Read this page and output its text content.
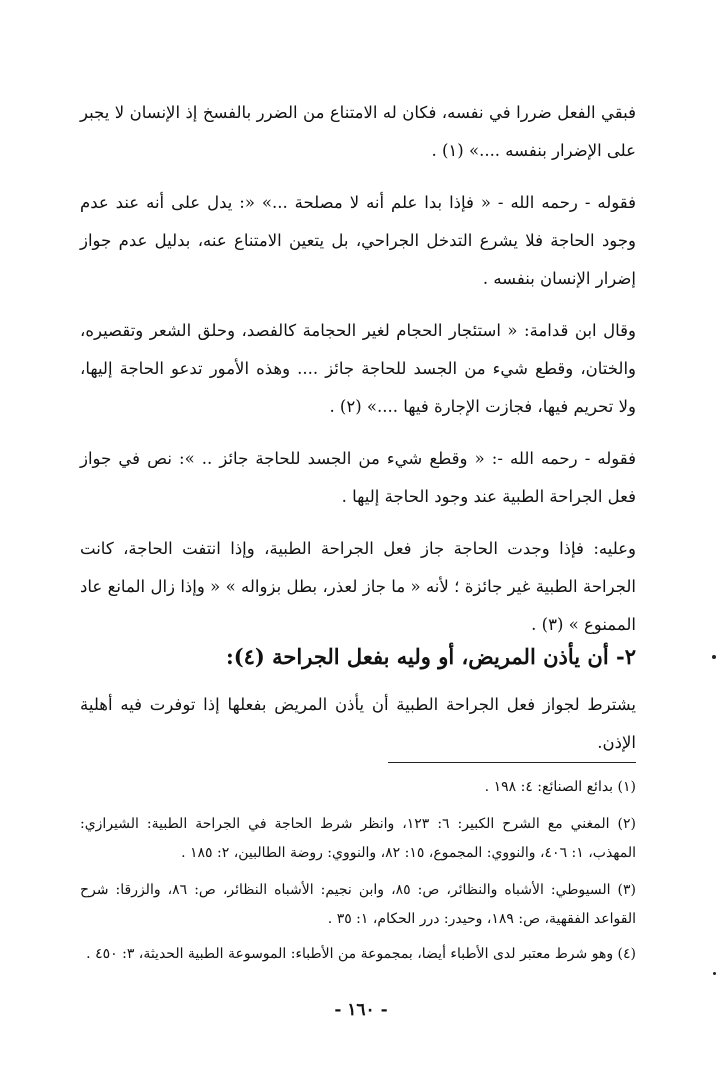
فبقي الفعل ضررا في نفسه، فكان له الامتناع من الضرر بالفسخ إذ الإنسان لا يجبر على الإضرار بنفسه ....» (١) .

فقوله - رحمه الله - « فإذا بدا علم أنه لا مصلحة ...» «: يدل على أنه عند عدم وجود الحاجة فلا يشرع التدخل الجراحي، بل يتعين الامتناع عنه، بدليل عدم جواز إضرار الإنسان بنفسه .

وقال ابن قدامة: « استئجار الحجام لغير الحجامة كالفصد، وحلق الشعر وتقصيره، والختان، وقطع شيء من الجسد للحاجة جائز .... وهذه الأمور تدعو الحاجة إليها، ولا تحريم فيها، فجازت الإجارة فيها ....» (٢) .

فقوله - رحمه الله -: « وقطع شيء من الجسد للحاجة جائز .. »: نص في جواز فعل الجراحة الطبية عند وجود الحاجة إليها .

وعليه: فإذا وجدت الحاجة جاز فعل الجراحة الطبية، وإذا انتفت الحاجة، كانت الجراحة الطبية غير جائزة ؛ لأنه « ما جاز لعذر، بطل بزواله » « وإذا زال المانع عاد الممنوع » (٣) .

٢- أن يأذن المريض، أو وليه بفعل الجراحة (٤):

يشترط لجواز فعل الجراحة الطبية أن يأذن المريض بفعلها إذا توفرت فيه أهلية الإذن.

(١) بدائع الصنائع: ٤: ١٩٨ .

(٢) المغني مع الشرح الكبير: ٦: ١٢٣، وانظر شرط الحاجة في الجراحة الطبية: الشيرازي: المهذب، ١: ٤٠٦، والنووي: المجموع، ١٥: ٨٢، والنووي: روضة الطالبين، ٢: ١٨٥ .

(٣) السيوطي: الأشباه والنظائر، ص: ٨٥، وابن نجيم: الأشباه النظائر، ص: ٨٦، والزرقا: شرح القواعد الفقهية، ص: ١٨٩، وحيدر: درر الحكام، ١: ٣٥ .

(٤) وهو شرط معتبر لدى الأطباء أيضا، بمجموعة من الأطباء: الموسوعة الطبية الحديثة، ٣: ٤٥٠ .

- ١٦٠ -
